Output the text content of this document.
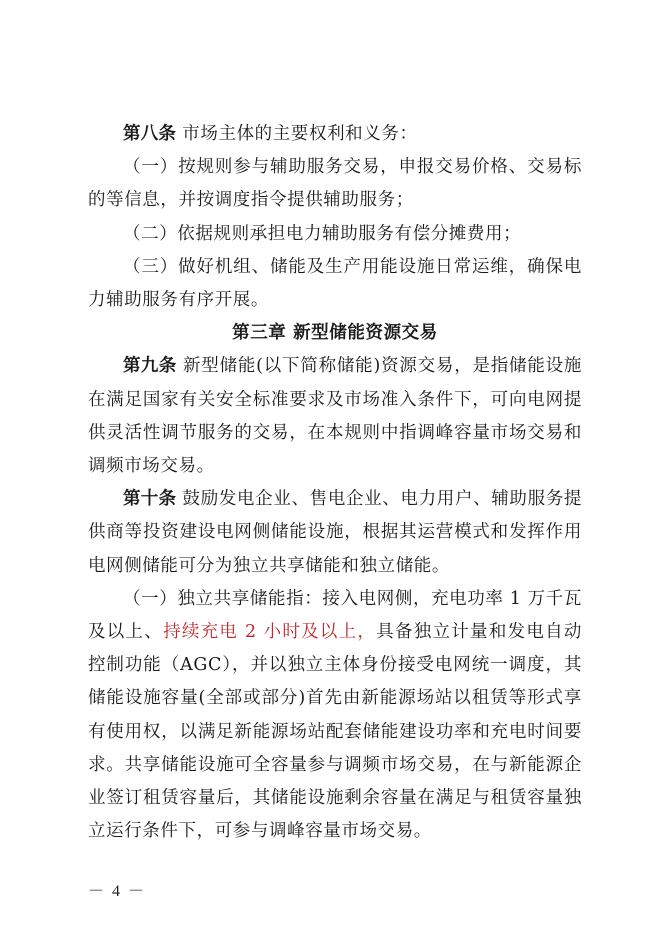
第八条 市场主体的主要权利和义务：

（一）按规则参与辅助服务交易，申报交易价格、交易标的等信息，并按调度指令提供辅助服务；

（二）依据规则承担电力辅助服务有偿分摊费用；

（三）做好机组、储能及生产用能设施日常运维，确保电力辅助服务有序开展。

第三章 新型储能资源交易

第九条 新型储能(以下简称储能)资源交易，是指储能设施在满足国家有关安全标准要求及市场准入条件下，可向电网提供灵活性调节服务的交易，在本规则中指调峰容量市场交易和调频市场交易。

第十条 鼓励发电企业、售电企业、电力用户、辅助服务提供商等投资建设电网侧储能设施，根据其运营模式和发挥作用电网侧储能可分为独立共享储能和独立储能。

（一）独立共享储能指：接入电网侧，充电功率 1 万千瓦及以上、持续充电 2 小时及以上，具备独立计量和发电自动控制功能（AGC），并以独立主体身份接受电网统一调度，其储能设施容量(全部或部分)首先由新能源场站以租赁等形式享有使用权，以满足新能源场站配套储能建设功率和充电时间要求。共享储能设施可全容量参与调频市场交易，在与新能源企业签订租赁容量后，其储能设施剩余容量在满足与租赁容量独立运行条件下，可参与调峰容量市场交易。

－ 4 －
